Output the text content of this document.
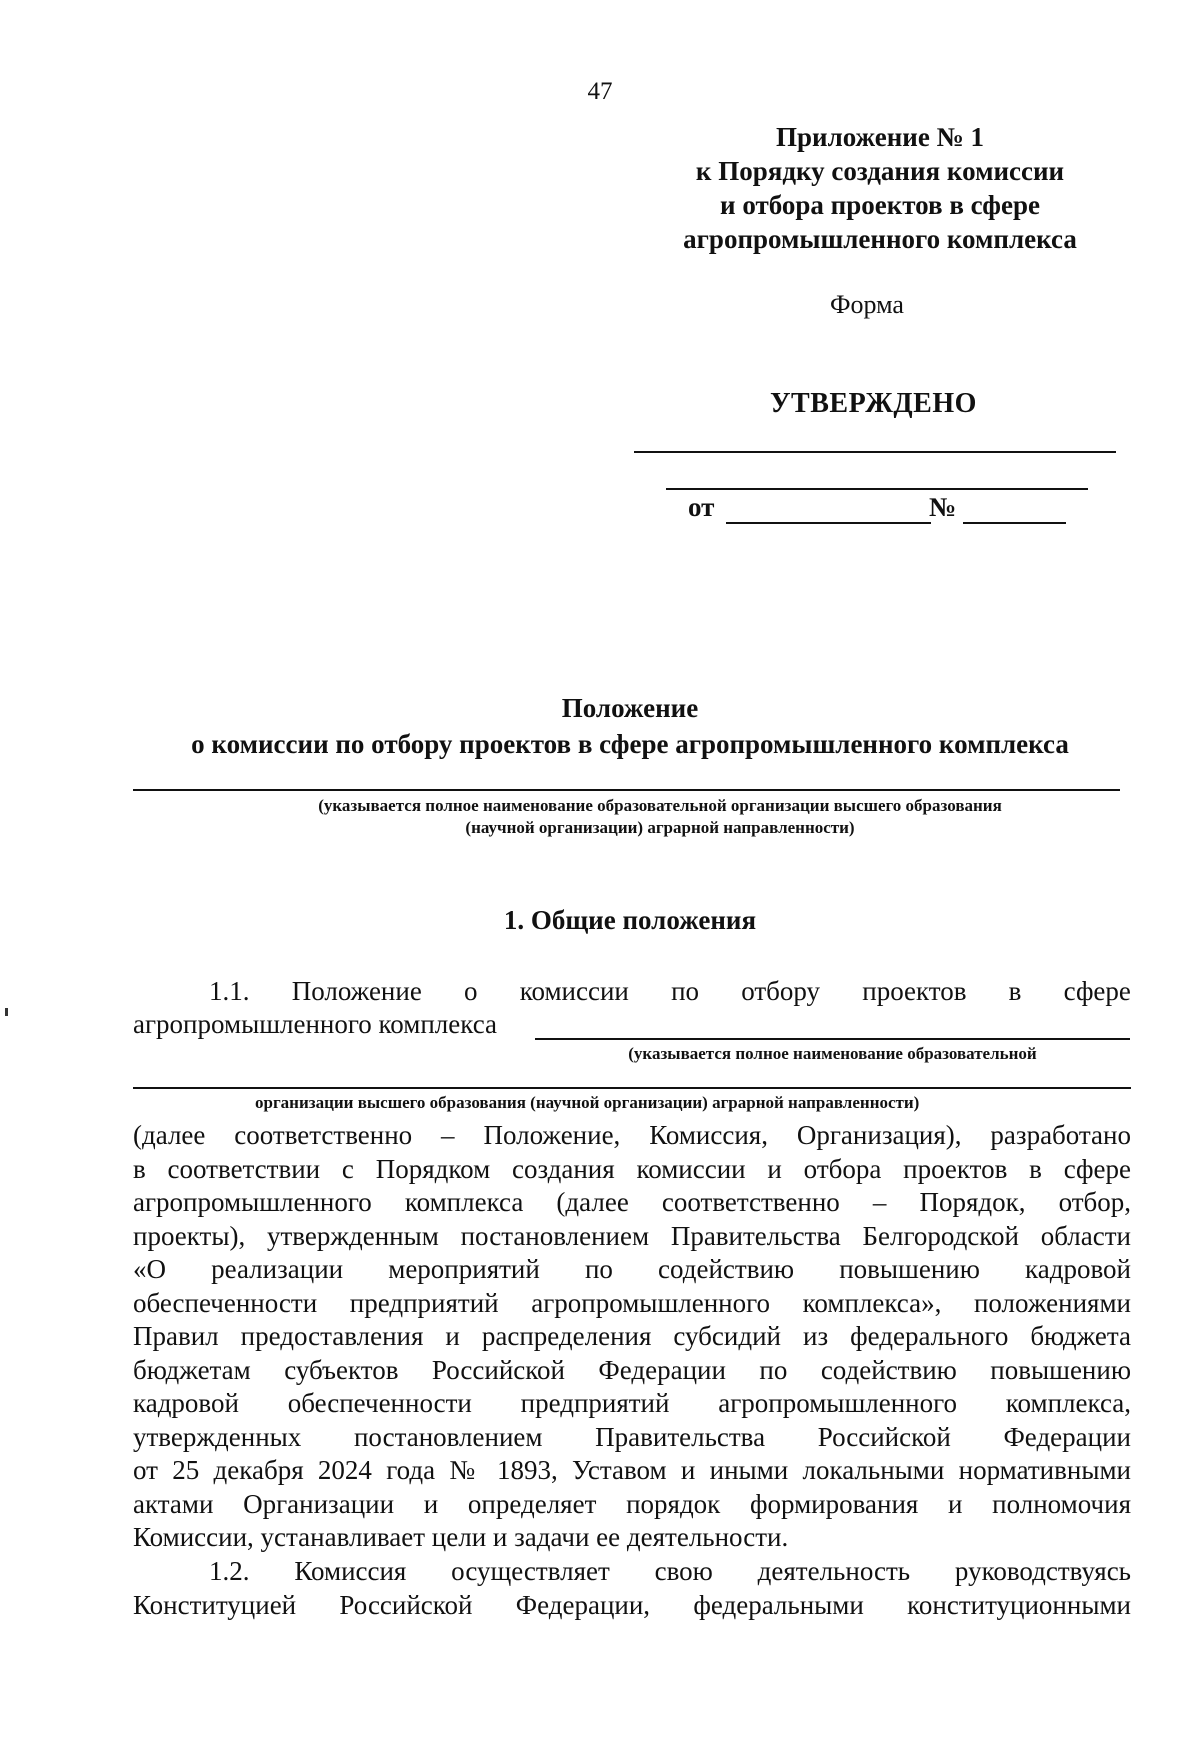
47
Приложение № 1
к Порядку создания комиссии
и отбора проектов в сфере
агропромышленного комплекса
Форма
УТВЕРЖДЕНО
от	№
Положение
о комиссии по отбору проектов в сфере агропромышленного комплекса
(указывается полное наименование образовательной организации высшего образования
(научной организации) аграрной направленности)
1. Общие положения
1.1. Положение о комиссии по отбору проектов в сфере
агропромышленного комплекса
(указывается полное наименование образовательной
организации высшего образования (научной организации) аграрной направленности)
(далее соответственно – Положение, Комиссия, Организация), разработано
в соответствии с Порядком создания комиссии и отбора проектов в сфере
агропромышленного комплекса (далее соответственно – Порядок, отбор,
проекты), утвержденным постановлением Правительства Белгородской области
«О реализации мероприятий по содействию повышению кадровой
обеспеченности предприятий агропромышленного комплекса», положениями
Правил предоставления и распределения субсидий из федерального бюджета
бюджетам субъектов Российской Федерации по содействию повышению
кадровой обеспеченности предприятий агропромышленного комплекса,
утвержденных постановлением Правительства Российской Федерации
от 25 декабря 2024 года № 1893, Уставом и иными локальными нормативными
актами Организации и определяет порядок формирования и полномочия
Комиссии, устанавливает цели и задачи ее деятельности.
1.2. Комиссия осуществляет свою деятельность руководствуясь
Конституцией Российской Федерации, федеральными конституционными
